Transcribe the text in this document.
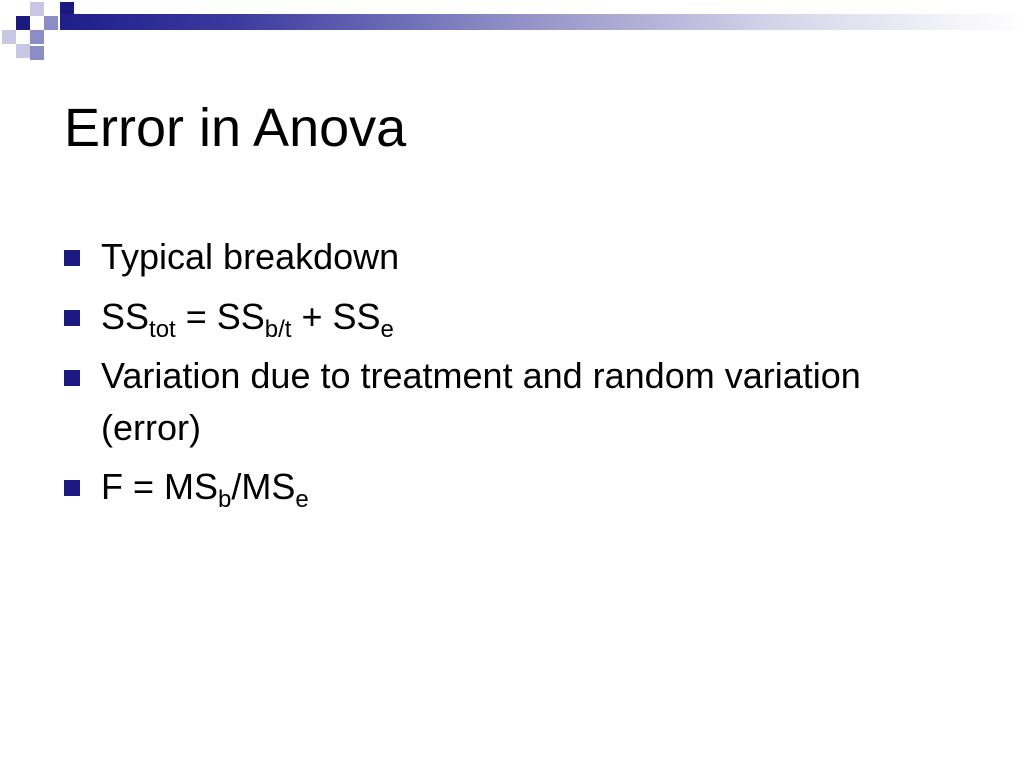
Error in Anova
Typical breakdown
$SS_{tot} = SS_{b/t} + SS_e$
Variation due to treatment and random variation (error)
$F = MS_b/MS_e$
